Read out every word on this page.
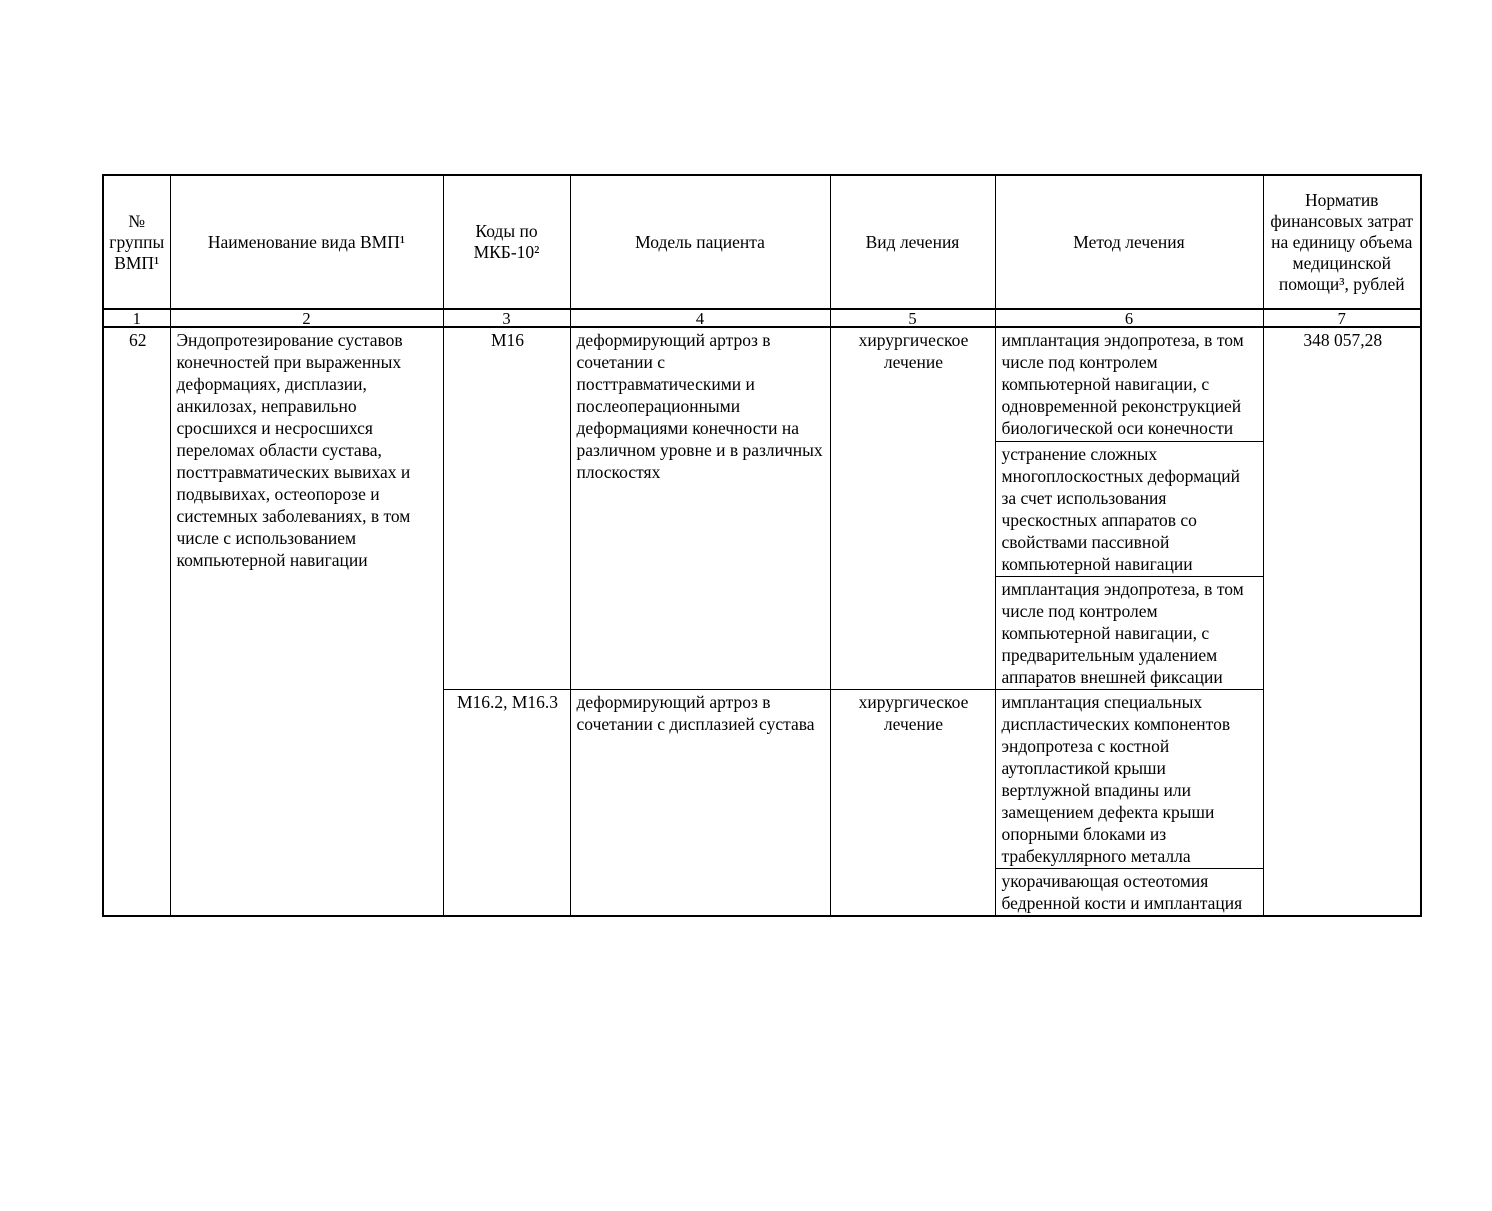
№ группы ВМП¹	Наименование вида ВМП¹	Коды по МКБ-10²	Модель пациента	Вид лечения	Метод лечения	Норматив финансовых затрат на единицу объема медицинской помощи³, рублей
1	2	3	4	5	6	7
62	Эндопротезирование суставов конечностей при выраженных деформациях, дисплазии, анкилозах, неправильно сросшихся и несросшихся переломах области сустава, посттравматических вывихах и подвывихах, остеопорозе и системных заболеваниях, в том числе с использованием компьютерной навигации	М16	деформирующий артроз в сочетании с посттравматическими и послеоперационными деформациями конечности на различном уровне и в различных плоскостях	хирургическое лечение	имплантация эндопротеза, в том числе под контролем компьютерной навигации, с одновременной реконструкцией биологической оси конечности	348 057,28
					устранение сложных многоплоскостных деформаций за счет использования чрескостных аппаратов со свойствами пассивной компьютерной навигации	
					имплантация эндопротеза, в том числе под контролем компьютерной навигации, с предварительным удалением аппаратов внешней фиксации	
		М16.2, М16.3	деформирующий артроз в сочетании с дисплазией сустава	хирургическое лечение	имплантация специальных диспластических компонентов эндопротеза с костной аутопластикой крыши вертлужной впадины или замещением дефекта крыши опорными блоками из трабекуллярного металла	
					укорачивающая остеотомия бедренной кости и имплантация	
